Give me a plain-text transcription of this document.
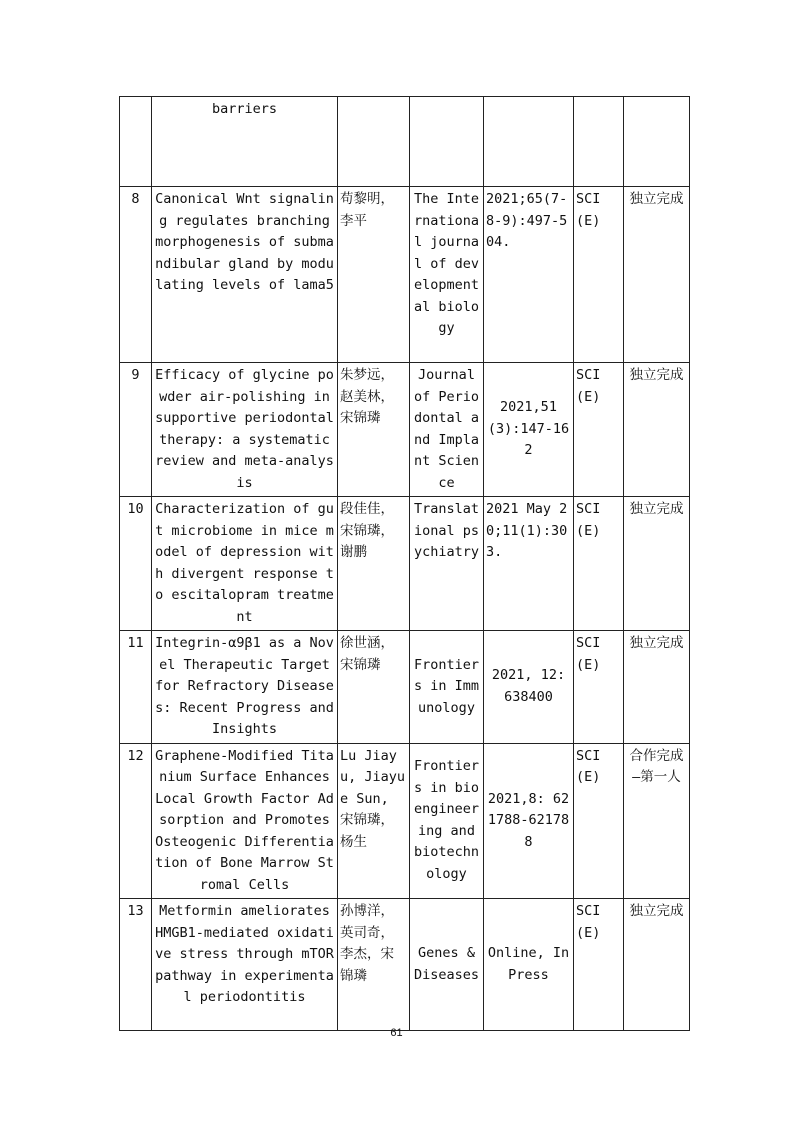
	barriers					
8	Canonical Wnt signaling regulates branching morphogenesis of submandibular gland by modulating levels of lama5	苟黎明，李平	The International journal of developmental biology	2021;65(7-8-9):497-504.	SCI(E)	独立完成
9	Efficacy of glycine powder air-polishing in supportive periodontal therapy: a systematic review and meta-analysis	朱梦远，赵美林，宋锦璘	Journal of Periodontal and Implant Science	2021,51(3):147-162	SCI(E)	独立完成
10	Characterization of gut microbiome in mice model of depression with divergent response to escitalopram treatment	段佳佳，宋锦璘，谢鹏	Translational psychiatry	2021 May 20;11(1):303.	SCI(E)	独立完成
11	Integrin-α9β1 as a Novel Therapeutic Target for Refractory Diseases: Recent Progress and Insights	徐世涵，宋锦璘	Frontiers in Immunology	2021, 12: 638400	SCI(E)	独立完成
12	Graphene-Modified Titanium Surface Enhances Local Growth Factor Adsorption and Promotes Osteogenic Differentiation of Bone Marrow Stromal Cells	Lu Jiayu, Jiayue Sun, 宋锦璘，杨生	Frontiers in bioengineering and biotechnology	2021,8: 621788-621788	SCI(E)	合作完成—第一人
13	Metformin ameliorates HMGB1-mediated oxidative stress through mTOR pathway in experimental periodontitis	孙博洋，英司奇，李杰，宋锦璘	Genes & Diseases	Online, In Press	SCI(E)	独立完成
61
